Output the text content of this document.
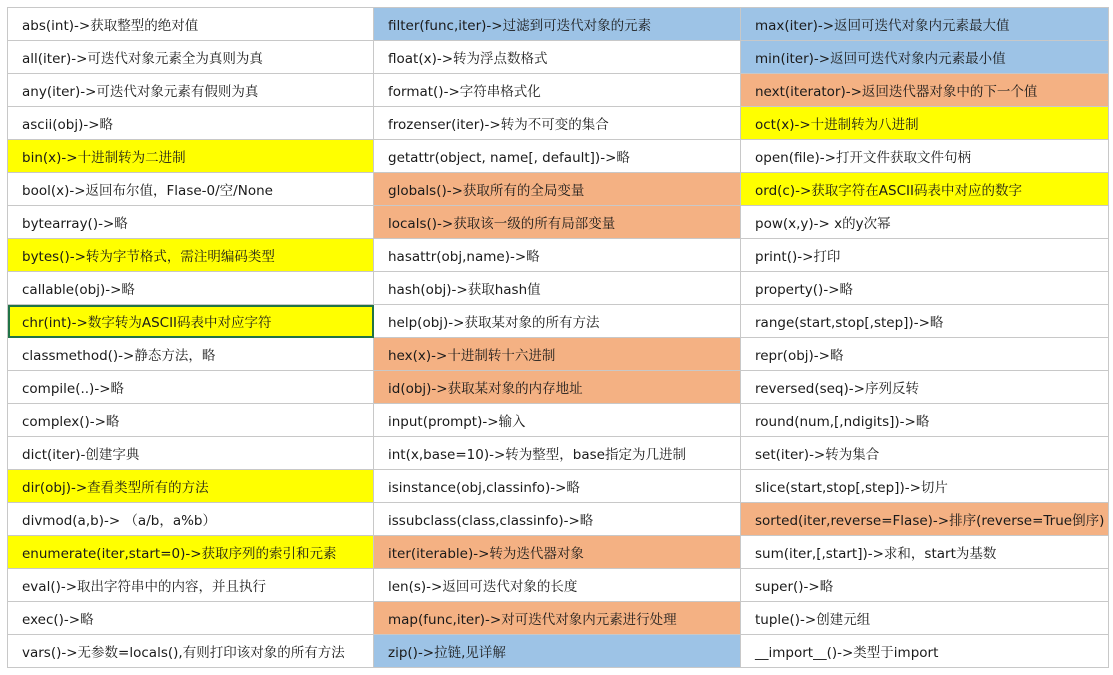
abs(int)->获取整型的绝对值	filter(func,iter)->过滤到可迭代对象的元素	max(iter)->返回可迭代对象内元素最大值
all(iter)->可迭代对象元素全为真则为真	float(x)->转为浮点数格式	min(iter)->返回可迭代对象内元素最小值
any(iter)->可迭代对象元素有假则为真	format()->字符串格式化	next(iterator)->返回迭代器对象中的下一个值
ascii(obj)->略	frozenser(iter)->转为不可变的集合	oct(x)->十进制转为八进制
bin(x)->十进制转为二进制	getattr(object, name[, default])->略	open(file)->打开文件获取文件句柄
bool(x)->返回布尔值，Flase-0/空/None	globals()->获取所有的全局变量	ord(c)->获取字符在ASCII码表中对应的数字
bytearray()->略	locals()->获取该一级的所有局部变量	pow(x,y)-> x的y次幂
bytes()->转为字节格式，需注明编码类型	hasattr(obj,name)->略	print()->打印
callable(obj)->略	hash(obj)->获取hash值	property()->略
chr(int)->数字转为ASCII码表中对应字符	help(obj)->获取某对象的所有方法	range(start,stop[,step])->略
classmethod()->静态方法，略	hex(x)->十进制转十六进制	repr(obj)->略
compile(..)->略	id(obj)->获取某对象的内存地址	reversed(seq)->序列反转
complex()->略	input(prompt)->输入	round(num,[,ndigits])->略
dict(iter)-创建字典	int(x,base=10)->转为整型，base指定为几进制	set(iter)->转为集合
dir(obj)->查看类型所有的方法	isinstance(obj,classinfo)->略	slice(start,stop[,step])->切片
divmod(a,b)-> （a/b，a%b）	issubclass(class,classinfo)->略	sorted(iter,reverse=Flase)->排序(reverse=True倒序)
enumerate(iter,start=0)->获取序列的索引和元素	iter(iterable)->转为迭代器对象	sum(iter,[,start])->求和，start为基数
eval()->取出字符串中的内容，并且执行	len(s)->返回可迭代对象的长度	super()->略
exec()->略	map(func,iter)->对可迭代对象内元素进行处理	tuple()->创建元组
vars()->无参数=locals(),有则打印该对象的所有方法	zip()->拉链,见详解	__import__()->类型于import
